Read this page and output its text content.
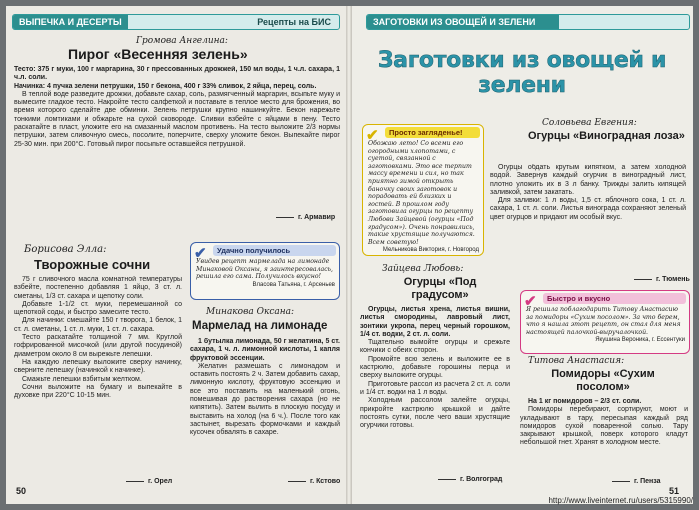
ВЫПЕЧКА И ДЕСЕРТЫ	Рецепты на БИС
Громова Ангелина:
Пирог «Весенняя зелень»

Тесто: 375 г муки, 100 г маргарина, 30 г прессованных дрожжей, 150 мл воды, 1 ч.л. сахара, 1 ч.л. соли.

Начинка: 4 пучка зелени петрушки, 150 г бекона, 400 г 33% сливок, 2 яйца, перец, соль.

В теплой воде разведите дрожжи, добавьте сахар, соль, размягченный маргарин, всыпьте муку и вымесите гладкое тесто. Накройте тесто салфеткой и поставьте в теплое место для брожения, во время которого сделайте две обминки. Зелень петрушки крупно нашинкуйте. Бекон нарежьте тонкими ломтиками и обжарьте на сухой сковороде. Сливки взбейте с яйцами в пену. Тесто раскатайте в пласт, уложите его на смазанный маслом противень. На тесто выложите 2/3 нормы петрушки, затем сливочную смесь, посолите, поперчите, сверху уложите бекон. Выпекайте пирог 25-30 мин. при 200°С. Готовый пирог посыпьте оставшейся петрушкой.

г. Армавир
Борисова Элла:
Творожные сочни

75 г сливочного масла комнатной температуры взбейте, постепенно добавляя 1 яйцо, 3 ст. л. сметаны, 1/3 ст. сахара и щепотку соли.

Добавьте 1-1/2 ст. муки, перемешанной со щепоткой соды, и быстро замесите тесто.

Для начинки: смешайте 150 г творога, 1 белок, 1 ст. л. сметаны, 1 ст. л. муки, 1 ст. л. сахара.

Тесто раскатайте толщиной 7 мм. Круглой гофрированной мисочкой (или другой посудиной) диаметром около 8 см вырежьте лепешки.

На каждую лепешку выложите сверху начинку, сверните лепешку (начинкой к начинке).

Смажьте лепешки взбитым желтком.

Сочни выложите на бумагу и выпекайте в духовке при 220°С 10-15 мин.

г. Орел
✔	Удачно получилось
Увидев рецепт мармелада на лимонаде Минаковой Оксаны, я заинтересовалась, решила его сама. Получилось вкусно!
Власова Татьяна, г. Арсеньев
Минакова Оксана:
Мармелад на лимонаде

1 бутылка лимонада, 50 г желатина, 5 ст. сахара, 1 ч. л. лимонной кислоты, 1 капля фруктовой эссенции.

Желатин размешать с лимонадом и оставить постоять 2 ч. Затем добавить сахар, лимонную кислоту, фруктовую эссенцию и все это поставить на маленький огонь, помешивая до растворения сахара (но не кипятить). Затем вылить в плоскую посуду и выставить на холод (на 6 ч.). После того как застынет, вырезать формочками и каждый кусочек обвалять в сахаре.

г. Кстово
50
ЗАГОТОВКИ ИЗ ОВОЩЕЙ И ЗЕЛЕНИ
Заготовки из овощей и зелени
✔	Просто загляденье!
Обожаю лето! Со всеми его огородными хлопотами, с суетой, связанной с заготовками. Это все терпит массу времени и сил, но так приятно зимой открыть баночку своих заготовок и порадовать ей близких и гостей. В прошлом году заготовила огурцы по рецепту Любови Зайцевой (огурцы «Под градусом»). Очень понравились, такие хрустящие получаются. Всем советую!
Мельникова Виктория, г. Новгород
Соловьева Евгения:
Огурцы «Виноградная лоза»

Огурцы обдать крутым кипятком, а затем холодной водой. Завернув каждый огурчик в виноградный лист, плотно уложить их в 3 л банку. Трижды залить кипящей заливкой, затем закатать.

Для заливки: 1 л воды, 1,5 ст. яблочного сока, 1 ст. л. сахара, 1 ст. л. соли. Листья винограда сохраняют зеленый цвет огурцов и придают им особый вкус.

г. Тюмень
Зайцева Любовь:
Огурцы «Под градусом»

Огурцы, листья хрена, листья вишни, листья смородины, лавровый лист, зонтики укропа, перец черный горошком, 1/4 ст. водки, 2 ст. л. соли.

Тщательно вымойте огурцы и срежьте кончики с обеих сторон.

Промойте всю зелень и выложите ее в кастрюлю, добавьте горошины перца и сверху выложите огурцы.

Приготовьте рассол из расчета 2 ст. л. соли и 1/4 ст. водки на 1 л воды.

Холодным рассолом залейте огурцы, прикройте кастрюлю крышкой и дайте постоять сутки, после чего ваши хрустящие огурчики готовы.

г. Волгоград
✔	Быстро и вкусно
Я решила поблагодарить Титову Анастасию за помидоры «Сухим посолом». За что берем, что я нашла этот рецепт, он стал для меня настоящей палочкой-выручалочкой.
Якушина Вероника, г. Ессентуки
Титова Анастасия:
Помидоры «Сухим посолом»

На 1 кг помидоров – 2/3 ст. соли.

Помидоры перебирают, сортируют, моют и укладывают в тару, пересыпая каждый ряд помидоров сухой поваренной солью. Тару закрывают крышкой, поверх которого кладут небольшой гнет. Хранят в холодном месте.

г. Пенза
51
http://www.liveinternet.ru/users/5315990/
